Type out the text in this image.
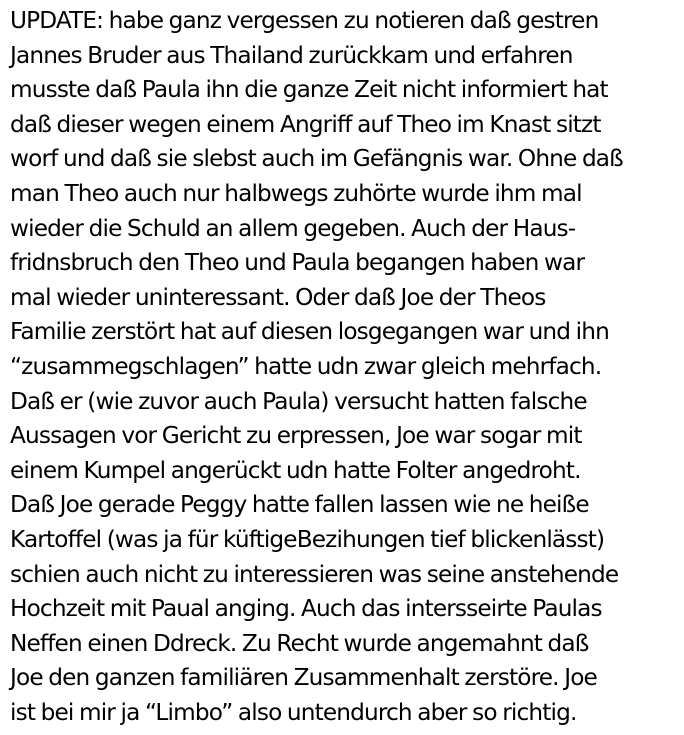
UPDATE: habe ganz vergessen zu notieren daß gestren
Jannes Bruder aus Thailand zurückkam und erfahren
musste daß Paula ihn die ganze Zeit nicht informiert hat
daß dieser wegen einem Angriff auf Theo im Knast sitzt
worf und daß sie slebst auch im Gefängnis war. Ohne daß
man Theo auch nur halbwegs zuhörte wurde ihm mal
wieder die Schuld an allem gegeben. Auch der Haus-
fridnsbruch den Theo und Paula begangen haben war
mal wieder uninteressant. Oder daß Joe der Theos
Familie zerstört hat auf diesen losgegangen war und ihn
“zusammegschlagen” hatte udn zwar gleich mehrfach.
Daß er (wie zuvor auch Paula) versucht hatten falsche
Aussagen vor Gericht zu erpressen, Joe war sogar mit
einem Kumpel angerückt udn hatte Folter angedroht.
Daß Joe gerade Peggy hatte fallen lassen wie ne heiße
Kartoffel (was ja für küftigeBezihungen tief blickenlässt)
schien auch nicht zu interessieren was seine anstehende
Hochzeit mit Paual anging. Auch das intersseirte Paulas
Neffen einen Ddreck. Zu Recht wurde angemahnt daß
Joe den ganzen familiären Zusammenhalt zerstöre. Joe
ist bei mir ja “Limbo” also untendurch aber so richtig.
